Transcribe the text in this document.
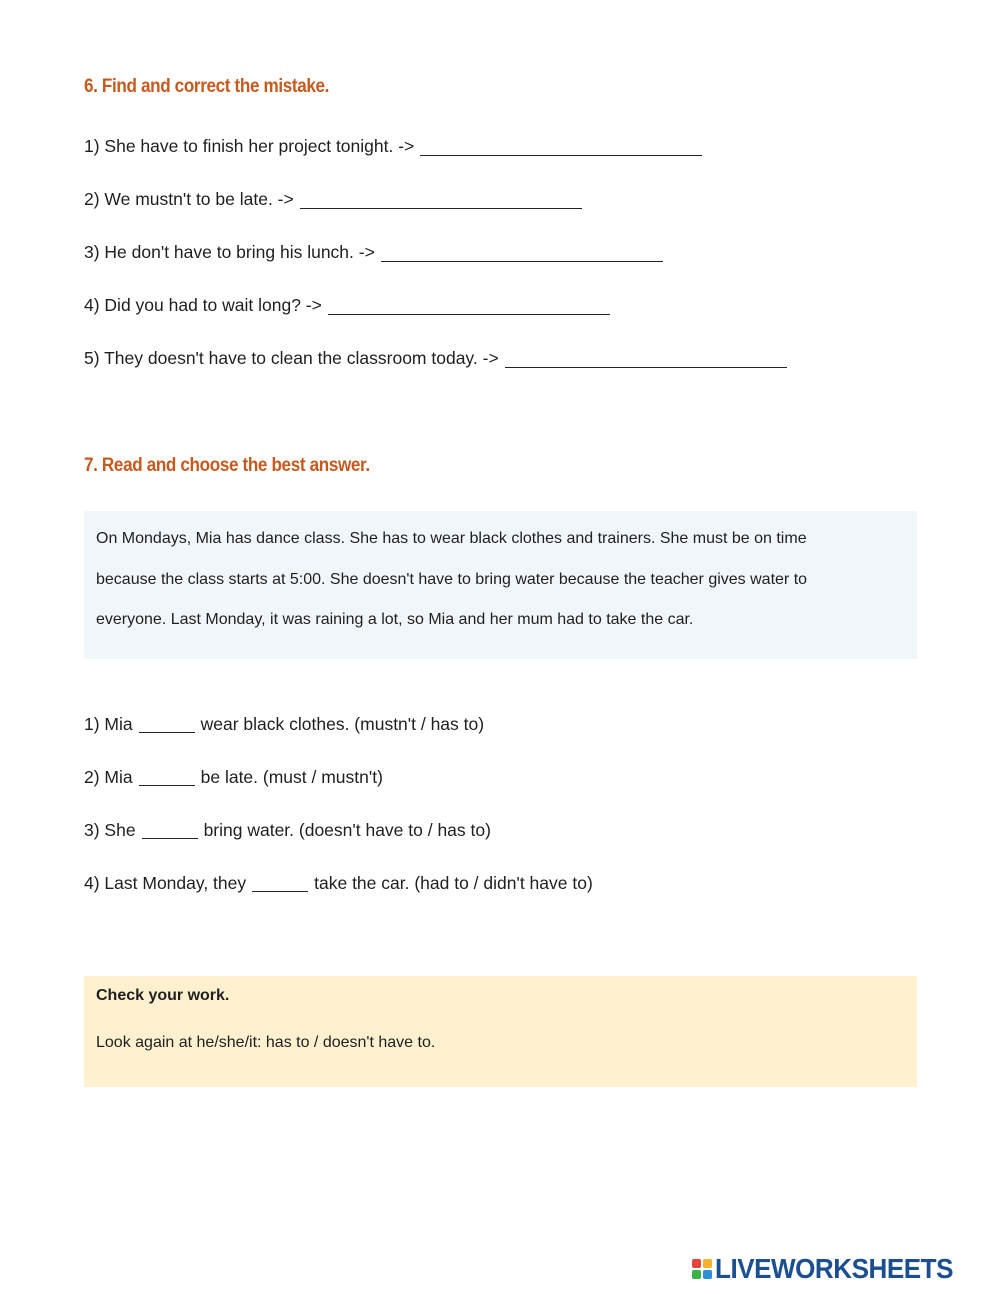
6. Find and correct the mistake.
1) She have to finish her project tonight. ->
2) We mustn't to be late. ->
3) He don't have to bring his lunch. ->
4) Did you had to wait long? ->
5) They doesn't have to clean the classroom today. ->
7. Read and choose the best answer.

On Mondays, Mia has dance class. She has to wear black clothes and trainers. She must be on time

because the class starts at 5:00. She doesn't have to bring water because the teacher gives water to

everyone. Last Monday, it was raining a lot, so Mia and her mum had to take the car.

1) Mia	wear black clothes. (mustn't / has to)
2) Mia	be late. (must / mustn't)
3) She	bring water. (doesn't have to / has to)
4) Last Monday, they	take the car. (had to / didn't have to)
Check your work.
Look again at he/she/it: has to / doesn't have to.
LIVEWORKSHEETS
